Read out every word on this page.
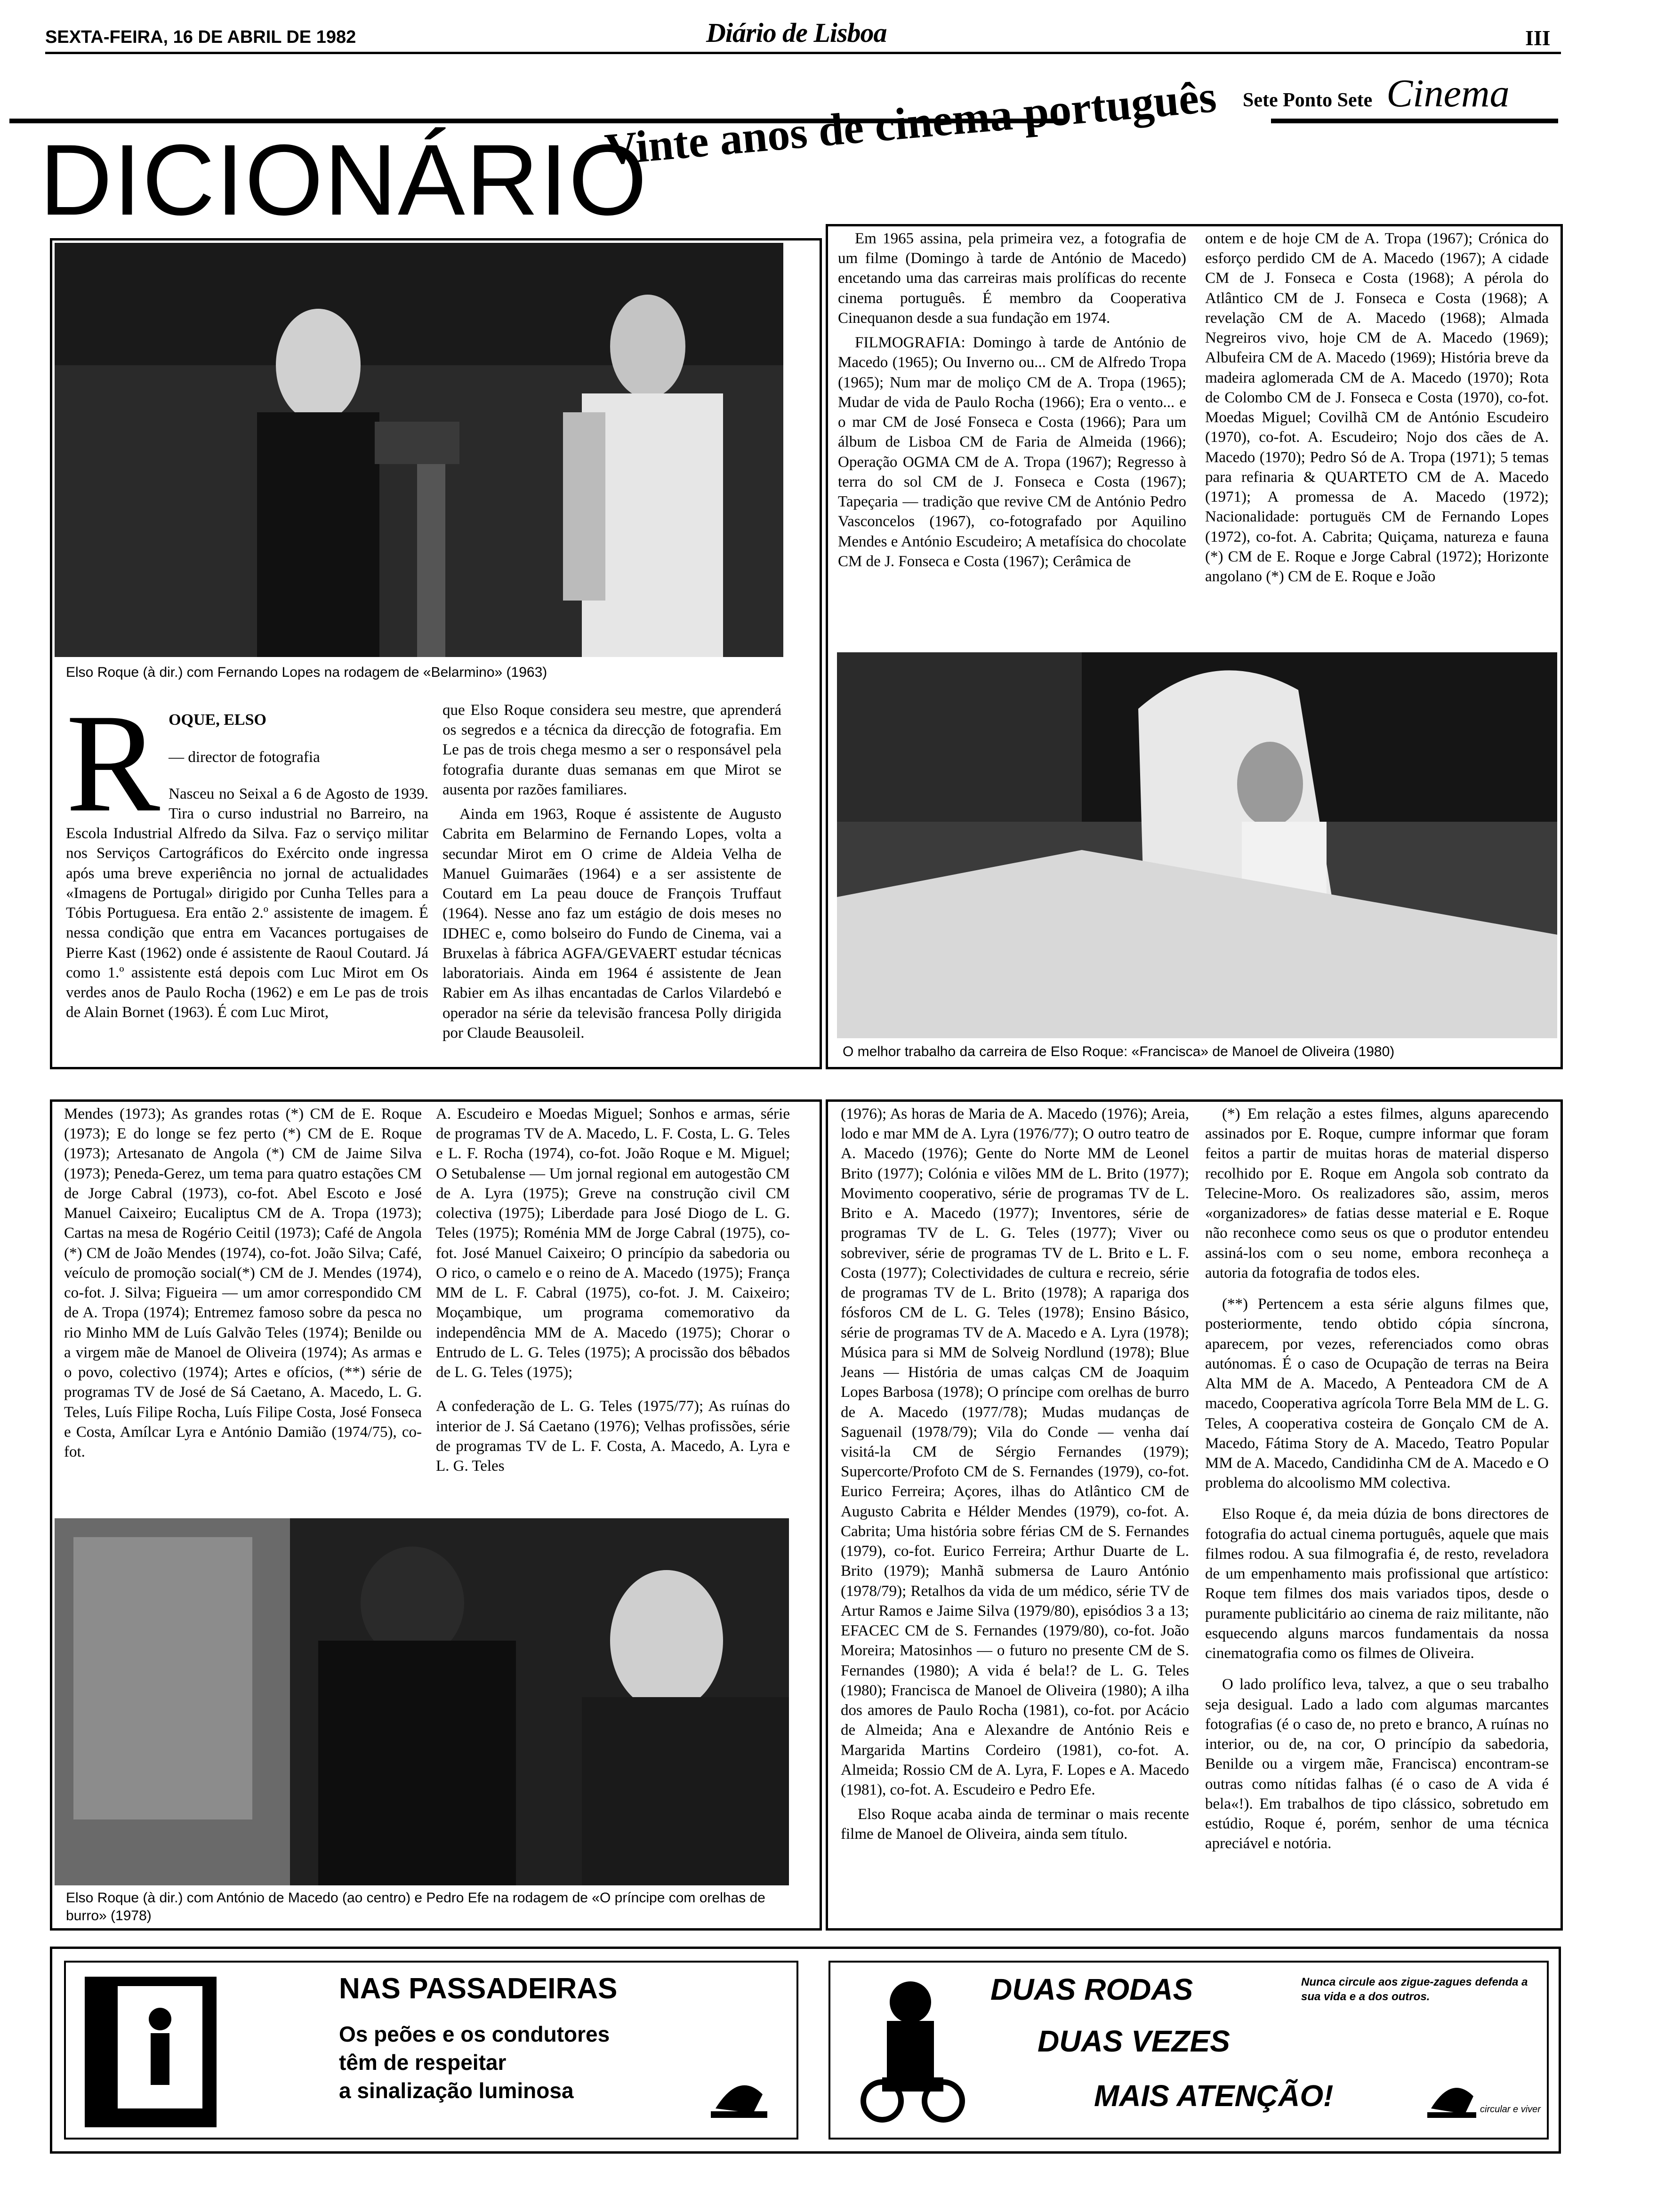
SEXTA-FEIRA, 16 DE ABRIL DE 1982	Diário de Lisboa	III
Sete Ponto Sete Cinema
DICIONÁRIO
Vinte anos de cinema português
Elso Roque (à dir.) com Fernando Lopes na rodagem de «Belarmino» (1963)
R OQUE, ELSO

— director de fotografia

Nasceu no Seixal a 6 de Agosto de 1939. Tira o curso industrial no Barreiro, na Escola Industrial Alfredo da Silva. Faz o serviço militar nos Serviços Cartográficos do Exército onde ingressa após uma breve experiência no jornal de actualidades «Imagens de Portugal» dirigido por Cunha Telles para a Tóbis Portuguesa. Era então 2.º assistente de imagem. É nessa condição que entra em Vacances portugaises de Pierre Kast (1962) onde é assistente de Raoul Coutard. Já como 1.º assistente está depois com Luc Mirot em Os verdes anos de Paulo Rocha (1962) e em Le pas de trois de Alain Bornet (1963). É com Luc Mirot,

que Elso Roque considera seu mestre, que aprenderá os segredos e a técnica da direcção de fotografia. Em Le pas de trois chega mesmo a ser o responsável pela fotografia durante duas semanas em que Mirot se ausenta por razões familiares.

Ainda em 1963, Roque é assistente de Augusto Cabrita em Belarmino de Fernando Lopes, volta a secundar Mirot em O crime de Aldeia Velha de Manuel Guimarães (1964) e a ser assistente de Coutard em La peau douce de François Truffaut (1964). Nesse ano faz um estágio de dois meses no IDHEC e, como bolseiro do Fundo de Cinema, vai a Bruxelas à fábrica AGFA/GEVAERT estudar técnicas laboratoriais. Ainda em 1964 é assistente de Jean Rabier em As ilhas encantadas de Carlos Vilardebó e operador na série da televisão francesa Polly dirigida por Claude Beausoleil.

Em 1965 assina, pela primeira vez, a fotografia de um filme (Domingo à tarde de António de Macedo) encetando uma das carreiras mais prolíficas do recente cinema português. É membro da Cooperativa Cinequanon desde a sua fundação em 1974.

FILMOGRAFIA: Domingo à tarde de António de Macedo (1965); Ou Inverno ou... CM de Alfredo Tropa (1965); Num mar de moliço CM de A. Tropa (1965); Mudar de vida de Paulo Rocha (1966); Era o vento... e o mar CM de José Fonseca e Costa (1966); Para um álbum de Lisboa CM de Faria de Almeida (1966); Operação OGMA CM de A. Tropa (1967); Regresso à terra do sol CM de J. Fonseca e Costa (1967); Tapeçaria — tradição que revive CM de António Pedro Vasconcelos (1967), co-fotografado por Aquilino Mendes e António Escudeiro; A metafísica do chocolate CM de J. Fonseca e Costa (1967); Cerâmica de

ontem e de hoje CM de A. Tropa (1967); Crónica do esforço perdido CM de A. Macedo (1967); A cidade CM de J. Fonseca e Costa (1968); A pérola do Atlântico CM de J. Fonseca e Costa (1968); A revelação CM de A. Macedo (1968); Almada Negreiros vivo, hoje CM de A. Macedo (1969); Albufeira CM de A. Macedo (1969); História breve da madeira aglomerada CM de A. Macedo (1970); Rota de Colombo CM de J. Fonseca e Costa (1970), co-fot. Moedas Miguel; Covilhã CM de António Escudeiro (1970), co-fot. A. Escudeiro; Nojo dos cães de A. Macedo (1970); Pedro Só de A. Tropa (1971); 5 temas para refinaria & QUARTETO CM de A. Macedo (1971); A promessa de A. Macedo (1972); Nacionalidade: portuguës CM de Fernando Lopes (1972), co-fot. A. Cabrita; Quiçama, natureza e fauna (*) CM de E. Roque e Jorge Cabral (1972); Horizonte angolano (*) CM de E. Roque e João

O melhor trabalho da carreira de Elso Roque: «Francisca» de Manoel de Oliveira (1980)

Mendes (1973); As grandes rotas (*) CM de E. Roque (1973); E do longe se fez perto (*) CM de E. Roque (1973); Artesanato de Angola (*) CM de Jaime Silva (1973); Peneda-Gerez, um tema para quatro estações CM de Jorge Cabral (1973), co-fot. Abel Escoto e José Manuel Caixeiro; Eucaliptus CM de A. Tropa (1973); Cartas na mesa de Rogério Ceitil (1973); Café de Angola (*) CM de João Mendes (1974), co-fot. João Silva; Café, veículo de promoção social(*) CM de J. Mendes (1974), co-fot. J. Silva; Figueira — um amor correspondido CM de A. Tropa (1974); Entremez famoso sobre da pesca no rio Minho MM de Luís Galvão Teles (1974); Benilde ou a virgem mãe de Manoel de Oliveira (1974); As armas e o povo, colectivo (1974); Artes e ofícios, (**) série de programas TV de José de Sá Caetano, A. Macedo, L. G. Teles, Luís Filipe Rocha, Luís Filipe Costa, José Fonseca e Costa, Amílcar Lyra e António Damião (1974/75), co-fot.

A. Escudeiro e Moedas Miguel; Sonhos e armas, série de programas TV de A. Macedo, L. F. Costa, L. G. Teles e L. F. Rocha (1974), co-fot. João Roque e M. Miguel; O Setubalense — Um jornal regional em autogestão CM de A. Lyra (1975); Greve na construção civil CM colectiva (1975); Liberdade para José Diogo de L. G. Teles (1975); Roménia MM de Jorge Cabral (1975), co-fot. José Manuel Caixeiro; O princípio da sabedoria ou O rico, o camelo e o reino de A. Macedo (1975); França MM de L. F. Cabral (1975), co-fot. J. M. Caixeiro; Moçambique, um programa comemorativo da independência MM de A. Macedo (1975); Chorar o Entrudo de L. G. Teles (1975); A procissão dos bêbados de L. G. Teles (1975);

A confederação de L. G. Teles (1975/77); As ruínas do interior de J. Sá Caetano (1976); Velhas profissões, série de programas TV de L. F. Costa, A. Macedo, A. Lyra e L. G. Teles

Elso Roque (à dir.) com António de Macedo (ao centro) e Pedro Efe na rodagem de «O príncipe com orelhas de burro» (1978)

(1976); As horas de Maria de A. Macedo (1976); Areia, lodo e mar MM de A. Lyra (1976/77); O outro teatro de A. Macedo (1976); Gente do Norte MM de Leonel Brito (1977); Colónia e vilões MM de L. Brito (1977); Movimento cooperativo, série de programas TV de L. Brito e A. Macedo (1977); Inventores, série de programas TV de L. G. Teles (1977); Viver ou sobreviver, série de programas TV de L. Brito e L. F. Costa (1977); Colectividades de cultura e recreio, série de programas TV de L. Brito (1978); A rapariga dos fósforos CM de L. G. Teles (1978); Ensino Básico, série de programas TV de A. Macedo e A. Lyra (1978); Música para si MM de Solveig Nordlund (1978); Blue Jeans — História de umas calças CM de Joaquim Lopes Barbosa (1978); O príncipe com orelhas de burro de A. Macedo (1977/78); Mudas mudanças de Saguenail (1978/79); Vila do Conde — venha daí visitá-la CM de Sérgio Fernandes (1979); Supercorte/Profoto CM de S. Fernandes (1979), co-fot. Eurico Ferreira; Açores, ilhas do Atlântico CM de Augusto Cabrita e Hélder Mendes (1979), co-fot. A. Cabrita; Uma história sobre férias CM de S. Fernandes (1979), co-fot. Eurico Ferreira; Arthur Duarte de L. Brito (1979); Manhã submersa de Lauro António (1978/79); Retalhos da vida de um médico, série TV de Artur Ramos e Jaime Silva (1979/80), episódios 3 a 13; EFACEC CM de S. Fernandes (1979/80), co-fot. João Moreira; Matosinhos — o futuro no presente CM de S. Fernandes (1980); A vida é bela!? de L. G. Teles (1980); Francisca de Manoel de Oliveira (1980); A ilha dos amores de Paulo Rocha (1981), co-fot. por Acácio de Almeida; Ana e Alexandre de António Reis e Margarida Martins Cordeiro (1981), co-fot. A. Almeida; Rossio CM de A. Lyra, F. Lopes e A. Macedo (1981), co-fot. A. Escudeiro e Pedro Efe.

Elso Roque acaba ainda de terminar o mais recente filme de Manoel de Oliveira, ainda sem título.

(*) Em relação a estes filmes, alguns aparecendo assinados por E. Roque, cumpre informar que foram feitos a partir de muitas horas de material disperso recolhido por E. Roque em Angola sob contrato da Telecine-Moro. Os realizadores são, assim, meros «organizadores» de fatias desse material e E. Roque não reconhece como seus os que o produtor entendeu assiná-los com o seu nome, embora reconheça a autoria da fotografia de todos eles.

(**) Pertencem a esta série alguns filmes que, posteriormente, tendo obtido cópia síncrona, aparecem, por vezes, referenciados como obras autónomas. É o caso de Ocupação de terras na Beira Alta MM de A. Macedo, A Penteadora CM de A macedo, Cooperativa agrícola Torre Bela MM de L. G. Teles, A cooperativa costeira de Gonçalo CM de A. Macedo, Fátima Story de A. Macedo, Teatro Popular MM de A. Macedo, Candidinha CM de A. Macedo e O problema do alcoolismo MM colectiva.

Elso Roque é, da meia dúzia de bons directores de fotografia do actual cinema português, aquele que mais filmes rodou. A sua filmografia é, de resto, reveladora de um empenhamento mais profissional que artístico: Roque tem filmes dos mais variados tipos, desde o puramente publicitário ao cinema de raiz militante, não esquecendo alguns marcos fundamentais da nossa cinematografia como os filmes de Oliveira.

O lado prolífico leva, talvez, a que o seu trabalho seja desigual. Lado a lado com algumas marcantes fotografias (é o caso de, no preto e branco, A ruínas no interior, ou de, na cor, O princípio da sabedoria, Benilde ou a virgem mãe, Francisca) encontram-se outras como nítidas falhas (é o caso de A vida é bela«!). Em trabalhos de tipo clássico, sobretudo em estúdio, Roque é, porém, senhor de uma técnica apreciável e notória.

NAS PASSADEIRAS
Os peões e os condutores
têm de respeitar
a sinalização luminosa
DUAS RODAS
DUAS VEZES
MAIS ATENÇÃO!
Nunca circule aos zigue-zagues defenda a sua vida e a dos outros.
circular e viver
